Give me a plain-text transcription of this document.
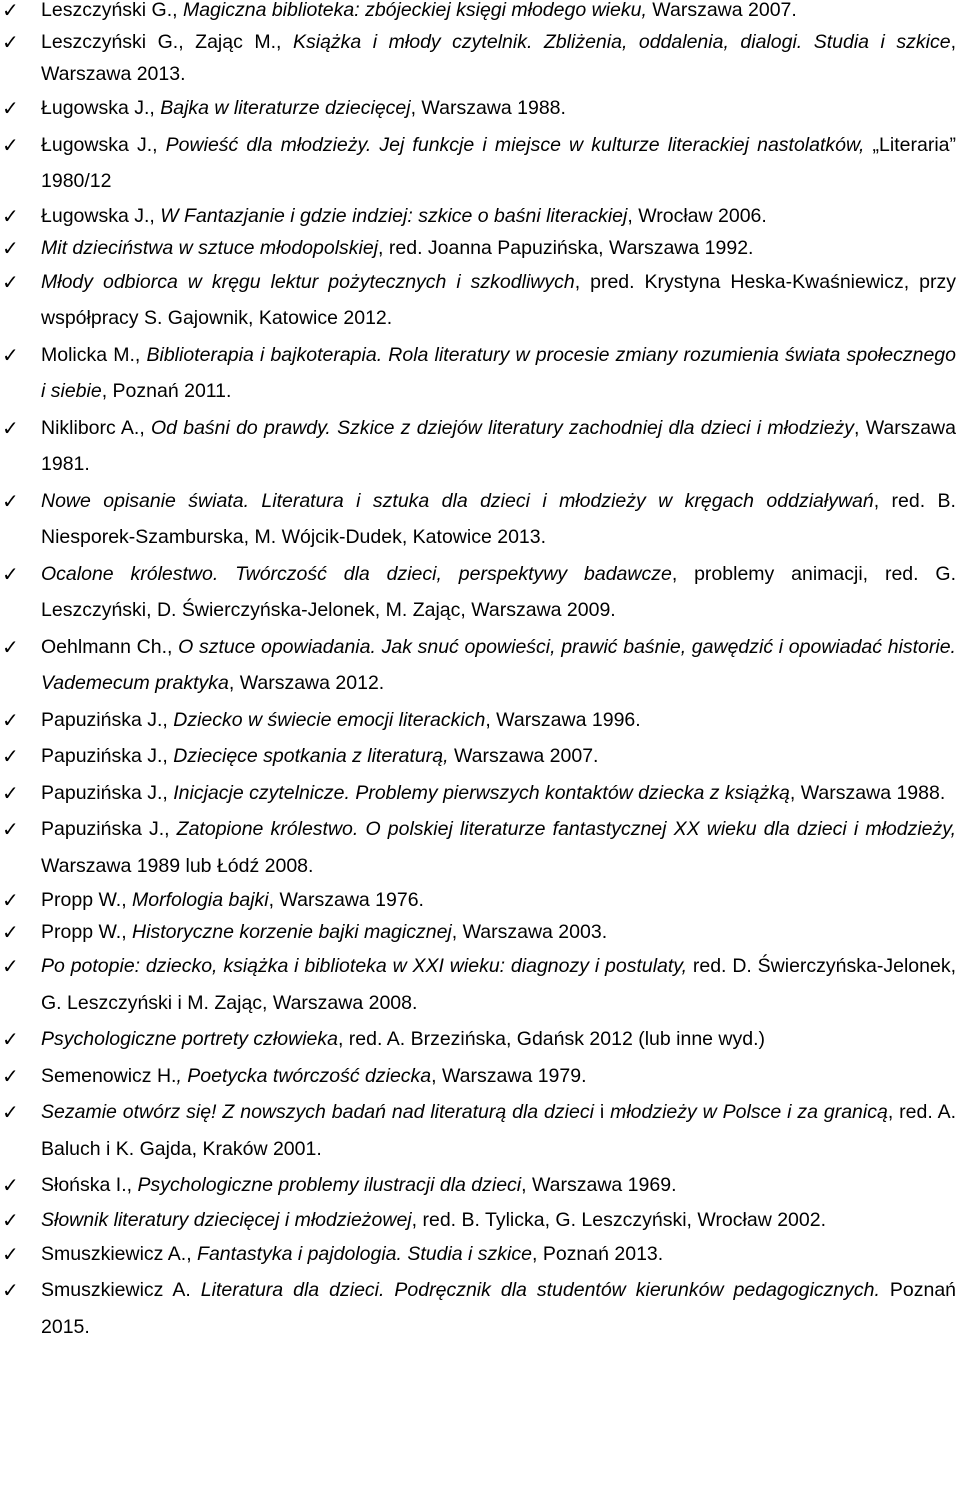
✓ Leszczyński G., Magiczna biblioteka: zbójeckiej księgi młodego wieku, Warszawa 2007.
✓ Leszczyński G., Zając M., Książka i młody czytelnik. Zbliżenia, oddalenia, dialogi. Studia i szkice, Warszawa 2013.
✓ Ługowska J., Bajka w literaturze dziecięcej, Warszawa 1988.
✓ Ługowska J., Powieść dla młodzieży. Jej funkcje i miejsce w kulturze literackiej nastolatków, „Literaria” 1980/12
✓ Ługowska J., W Fantazjanie i gdzie indziej: szkice o baśni literackiej, Wrocław 2006.
✓ Mit dzieciństwa w sztuce młodopolskiej, red. Joanna Papuzińska, Warszawa 1992.
✓ Młody odbiorca w kręgu lektur pożytecznych i szkodliwych, pred. Krystyna Heska-Kwaśniewicz, przy współpracy S. Gajownik, Katowice 2012.
✓ Molicka M., Biblioterapia i bajkoterapia. Rola literatury w procesie zmiany rozumienia świata społecznego i siebie, Poznań 2011.
✓ Nikliborc A., Od baśni do prawdy. Szkice z dziejów literatury zachodniej dla dzieci i młodzieży, Warszawa 1981.
✓ Nowe opisanie świata. Literatura i sztuka dla dzieci i młodzieży w kręgach oddziaływań, red. B. Niesporek-Szamburska, M. Wójcik-Dudek, Katowice 2013.
✓ Ocalone królestwo. Twórczość dla dzieci, perspektywy badawcze, problemy animacji, red. G. Leszczyński, D. Świerczyńska-Jelonek, M. Zając, Warszawa 2009.
✓ Oehlmann Ch., O sztuce opowiadania. Jak snuć opowieści, prawić baśnie, gawędzić i opowiadać historie. Vademecum praktyka, Warszawa 2012.
✓ Papuzińska J., Dziecko w świecie emocji literackich, Warszawa 1996.
✓ Papuzińska J., Dziecięce spotkania z literaturą, Warszawa 2007.
✓ Papuzińska J., Inicjacje czytelnicze. Problemy pierwszych kontaktów dziecka z książką, Warszawa 1988.
✓ Papuzińska J., Zatopione królestwo. O polskiej literaturze fantastycznej XX wieku dla dzieci i młodzieży, Warszawa 1989 lub Łódź 2008.
✓ Propp W., Morfologia bajki, Warszawa 1976.
✓ Propp W., Historyczne korzenie bajki magicznej, Warszawa 2003.
✓ Po potopie: dziecko, książka i biblioteka w XXI wieku: diagnozy i postulaty, red. D. Świerczyńska-Jelonek, G. Leszczyński i M. Zając, Warszawa 2008.
✓ Psychologiczne portrety człowieka, red. A. Brzezińska, Gdańsk 2012 (lub inne wyd.)
✓ Semenowicz H., Poetycka twórczość dziecka, Warszawa 1979.
✓ Sezamie otwórz się! Z nowszych badań nad literaturą dla dzieci i młodzieży w Polsce i za granicą, red. A. Baluch i K. Gajda, Kraków 2001.
✓ Słońska I., Psychologiczne problemy ilustracji dla dzieci, Warszawa 1969.
✓ Słownik literatury dziecięcej i młodzieżowej, red. B. Tylicka, G. Leszczyński, Wrocław 2002.
✓ Smuszkiewicz A., Fantastyka i pajdologia. Studia i szkice, Poznań 2013.
✓ Smuszkiewicz A. Literatura dla dzieci. Podręcznik dla studentów kierunków pedagogicznych. Poznań 2015.
